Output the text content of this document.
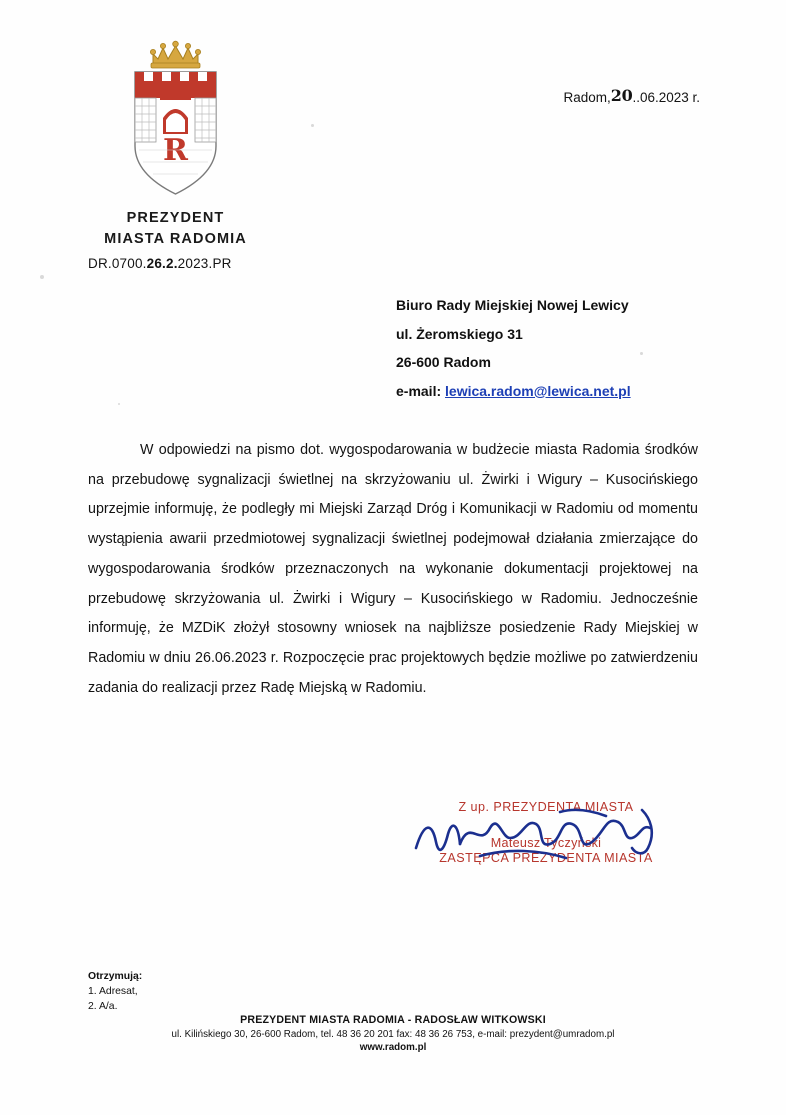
R
PREZYDENT
MIASTA RADOMIA
DR.0700.26.2.2023.PR
Radom,20..06.2023 r.
Biuro Rady Miejskiej Nowej Lewicy
ul. Żeromskiego 31
26-600 Radom
e-mail: lewica.radom@lewica.net.pl

W odpowiedzi na pismo dot. wygospodarowania w budżecie miasta Radomia środków na przebudowę sygnalizacji świetlnej na skrzyżowaniu ul. Żwirki i Wigury – Kusocińskiego uprzejmie informuję, że podległy mi Miejski Zarząd Dróg i Komunikacji w Radomiu od momentu wystąpienia awarii przedmiotowej sygnalizacji świetlnej podejmował działania zmierzające do wygospodarowania środków przeznaczonych na wykonanie dokumentacji projektowej na przebudowę skrzyżowania ul. Żwirki i Wigury – Kusocińskiego w Radomiu. Jednocześnie informuję, że MZDiK złożył stosowny wniosek na najbliższe posiedzenie Rady Miejskiej w Radomiu w dniu 26.06.2023 r. Rozpoczęcie prac projektowych będzie możliwe po zatwierdzeniu zadania do realizacji przez Radę Miejską w Radomiu.

Z up. PREZYDENTA MIASTA
Mateusz Tyczyński
ZASTĘPCA PREZYDENTA MIASTA
Otrzymują:
1. Adresat,
2. A/a.
PREZYDENT MIASTA RADOMIA - RADOSŁAW WITKOWSKI
ul. Kilińskiego 30, 26-600 Radom, tel. 48 36 20 201 fax: 48 36 26 753, e-mail: prezydent@umradom.pl
www.radom.pl
